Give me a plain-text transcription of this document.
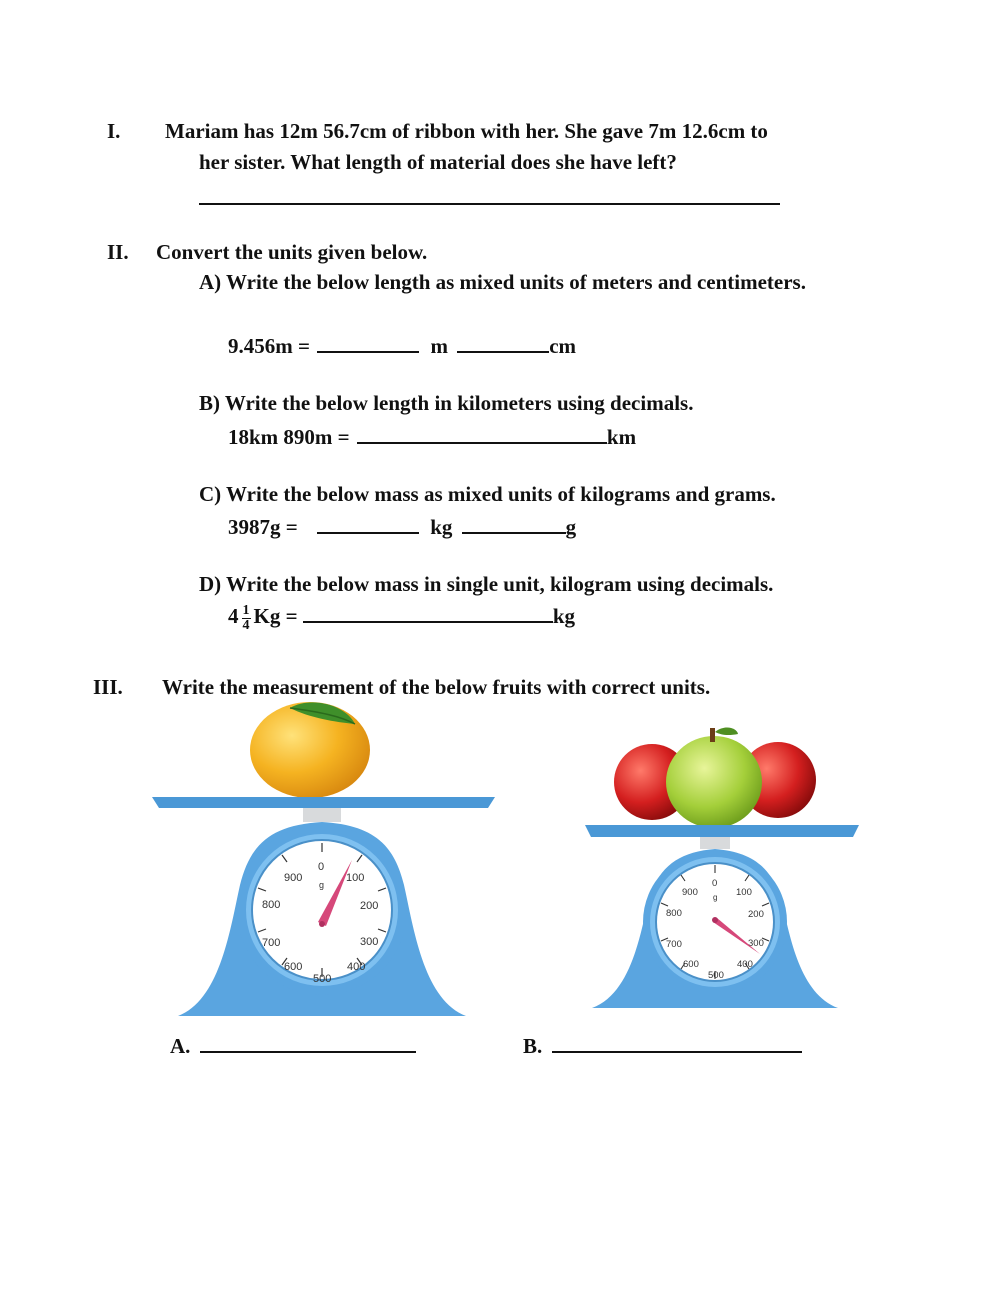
I. Mariam has 12m 56.7cm of ribbon with her. She gave 7m 12.6cm to
her sister. What length of material does she have left?
II. Convert the units given below.
A) Write the below length as mixed units of meters and centimeters.
9.456m =	m	cm
B) Write the below length in kilometers using decimals.
18km 890m =	km
C) Write the below mass as mixed units of kilograms and grams.
3987g =	kg	g
D) Write the below mass in single unit, kilogram using decimals.
$4 \frac{1}{4}$ Kg =	kg
III. Write the measurement of the below fruits with correct units.
0
g
100
200
300
400
500
600
700
800
900	0
g 100
200
300
400
500
600
700
800
900
A.	B.
